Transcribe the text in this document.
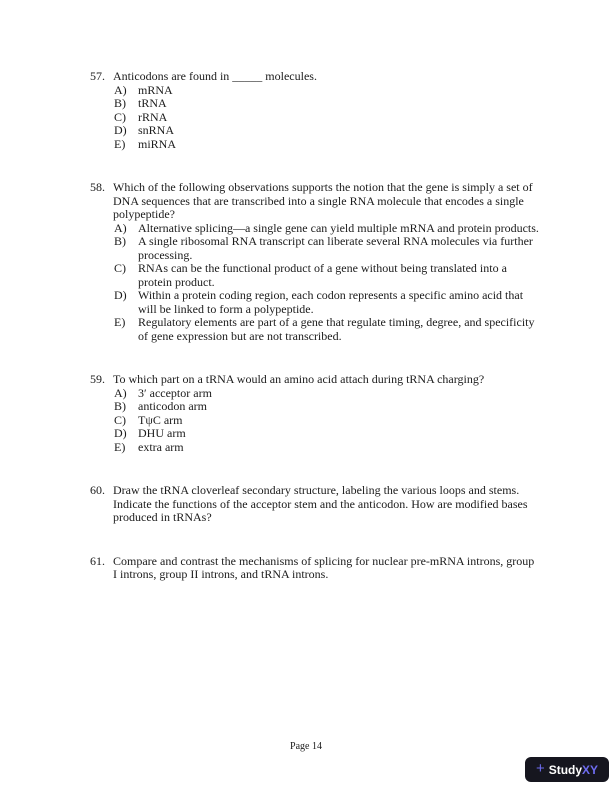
57. Anticodons are found in _____ molecules.
A) mRNA
B)	tRNA
C)	rRNA
D) snRNA
E)	miRNA
58. Which of the following observations supports the notion that the gene is simply a set of
DNA sequences that are transcribed into a single RNA molecule that encodes a single
polypeptide?
A) Alternative splicing—a single gene can yield multiple mRNA and protein products.
B)	A single ribosomal RNA transcript can liberate several RNA molecules via further
processing.
C)	RNAs can be the functional product of a gene without being translated into a
protein product.
D) Within a protein coding region, each codon represents a specific amino acid that
will be linked to form a polypeptide.
E)	Regulatory elements are part of a gene that regulate timing, degree, and specificity
of gene expression but are not transcribed.
59. To which part on a tRNA would an amino acid attach during tRNA charging?
A) 3′ acceptor arm
B)	anticodon arm
C)	TψC arm
D) DHU arm
E)	extra arm
60. Draw the tRNA cloverleaf secondary structure, labeling the various loops and stems.
Indicate the functions of the acceptor stem and the anticodon. How are modified bases
produced in tRNAs?
61. Compare and contrast the mechanisms of splicing for nuclear pre-mRNA introns, group
I introns, group II introns, and tRNA introns.
Page 14
+ Study XY
